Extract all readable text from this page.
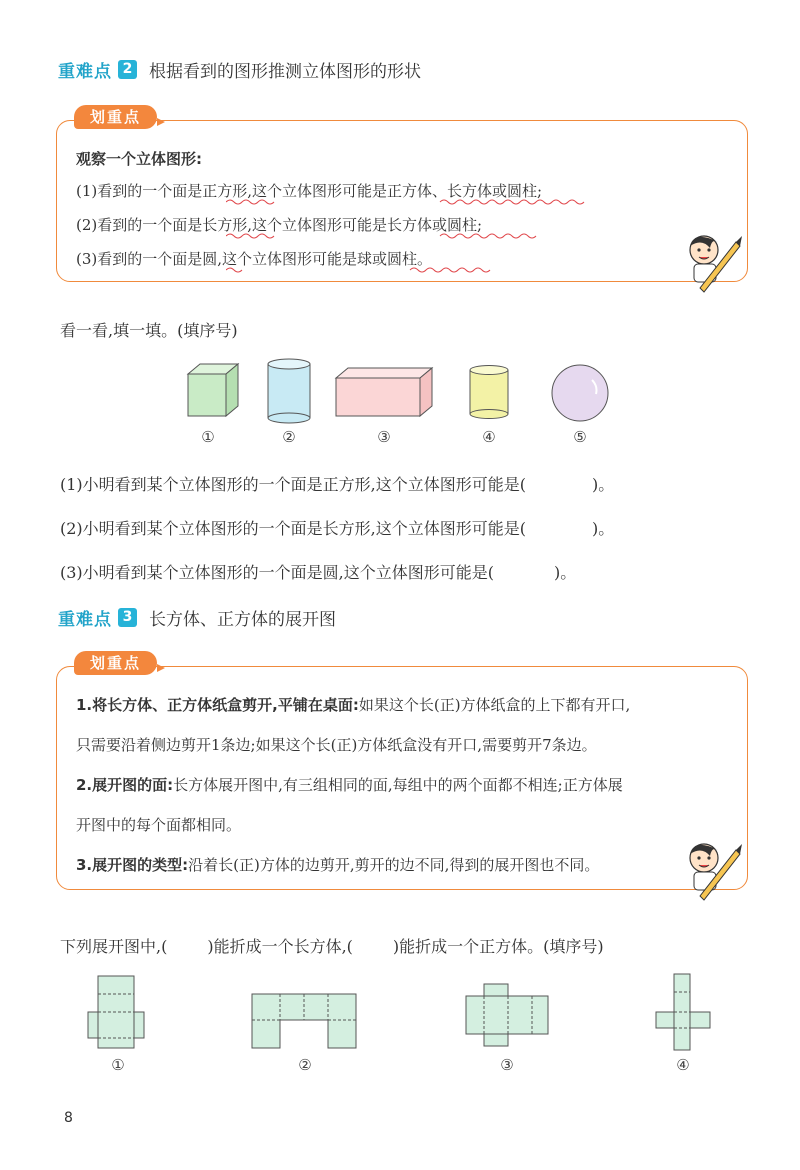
重难点 2 根据看到的图形推测立体图形的形状
划重点
观察一个立体图形:
(1)看到的一个面是正方形,这个立体图形可能是正方体、长方体或圆柱;
(2)看到的一个面是长方形,这个立体图形可能是长方体或圆柱;
(3)看到的一个面是圆,这个立体图形可能是球或圆柱。
看一看,填一填。(填序号)
①	②	③	④	⑤
(1)小明看到某个立体图形的一个面是正方形,这个立体图形可能是(	)。
(2)小明看到某个立体图形的一个面是长方形,这个立体图形可能是(	)。
(3)小明看到某个立体图形的一个面是圆,这个立体图形可能是(	)。
重难点 3 长方体、正方体的展开图
划重点
1.将长方体、正方体纸盒剪开,平铺在桌面:如果这个长(正)方体纸盒的上下都有开口,
只需要沿着侧边剪开1条边;如果这个长(正)方体纸盒没有开口,需要剪开7条边。
2.展开图的面:长方体展开图中,有三组相同的面,每组中的两个面都不相连;正方体展
开图中的每个面都相同。
3.展开图的类型:沿着长(正)方体的边剪开,剪开的边不同,得到的展开图也不同。
下列展开图中,(	)能折成一个长方体,(	)能折成一个正方体。(填序号)
①	②	③	④
8
